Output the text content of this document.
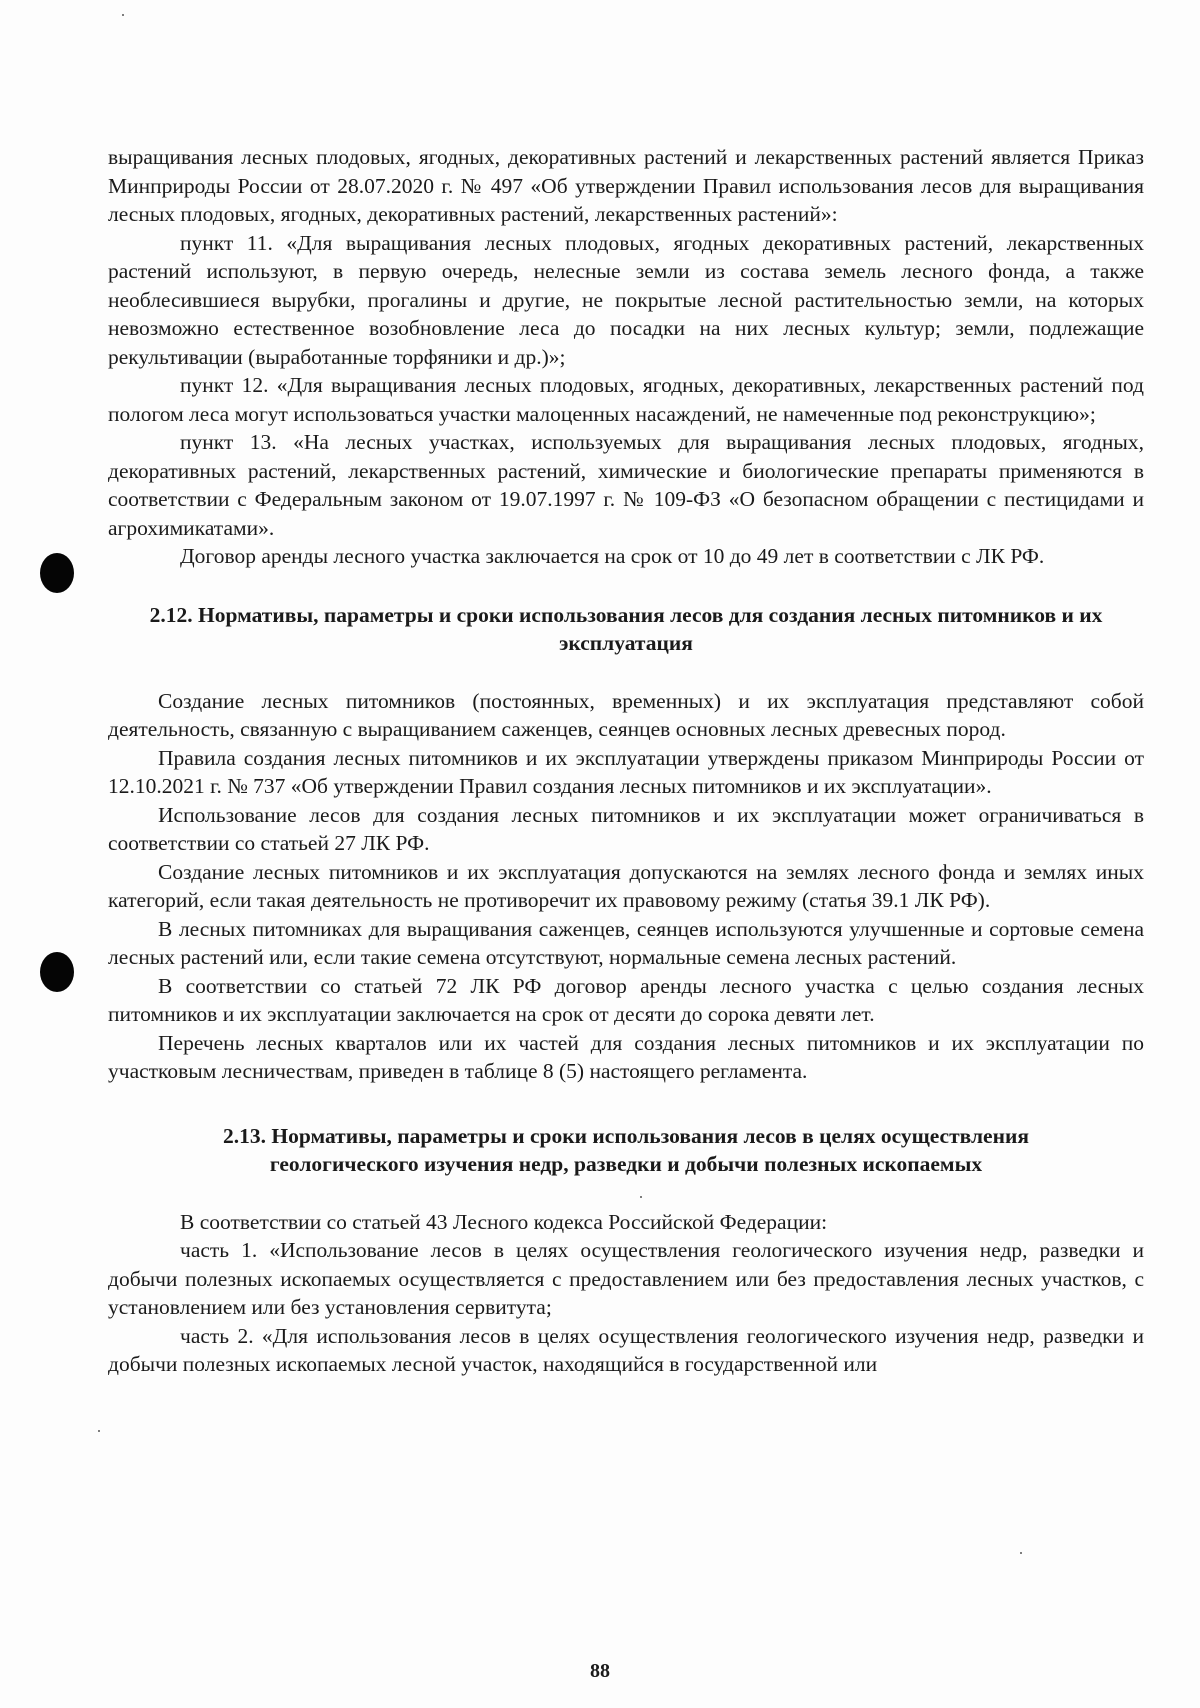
выращивания лесных плодовых, ягодных, декоративных растений и лекарственных растений является Приказ Минприроды России от 28.07.2020 г. № 497 «Об утверждении Правил использования лесов для выращивания лесных плодовых, ягодных, декоративных растений, лекарственных растений»:

пункт 11. «Для выращивания лесных плодовых, ягодных декоративных растений, лекарственных растений используют, в первую очередь, нелесные земли из состава земель лесного фонда, а также необлесившиеся вырубки, прогалины и другие, не покрытые лесной растительностью земли, на которых невозможно естественное возобновление леса до посадки на них лесных культур; земли, подлежащие рекультивации (выработанные торфяники и др.)»;

пункт 12. «Для выращивания лесных плодовых, ягодных, декоративных, лекарственных растений под пологом леса могут использоваться участки малоценных насаждений, не намеченные под реконструкцию»;

пункт 13. «На лесных участках, используемых для выращивания лесных плодовых, ягодных, декоративных растений, лекарственных растений, химические и биологические препараты применяются в соответствии с Федеральным законом от 19.07.1997 г. № 109-ФЗ «О безопасном обращении с пестицидами и агрохимикатами».

Договор аренды лесного участка заключается на срок от 10 до 49 лет в соответствии с ЛК РФ.

2.12. Нормативы, параметры и сроки использования лесов для создания лесных питомников и их эксплуатация

Создание лесных питомников (постоянных, временных) и их эксплуатация представляют собой деятельность, связанную с выращиванием саженцев, сеянцев основных лесных древесных пород.

Правила создания лесных питомников и их эксплуатации утверждены приказом Минприроды России от 12.10.2021 г. № 737 «Об утверждении Правил создания лесных питомников и их эксплуатации».

Использование лесов для создания лесных питомников и их эксплуатации может ограничиваться в соответствии со статьей 27 ЛК РФ.

Создание лесных питомников и их эксплуатация допускаются на землях лесного фонда и землях иных категорий, если такая деятельность не противоречит их правовому режиму (статья 39.1 ЛК РФ).

В лесных питомниках для выращивания саженцев, сеянцев используются улучшенные и сортовые семена лесных растений или, если такие семена отсутствуют, нормальные семена лесных растений.

В соответствии со статьей 72 ЛК РФ договор аренды лесного участка с целью создания лесных питомников и их эксплуатации заключается на срок от десяти до сорока девяти лет.

Перечень лесных кварталов или их частей для создания лесных питомников и их эксплуатации по участковым лесничествам, приведен в таблице 8 (5) настоящего регламента.

2.13. Нормативы, параметры и сроки использования лесов в целях осуществления геологического изучения недр, разведки и добычи полезных ископаемых

В соответствии со статьей 43 Лесного кодекса Российской Федерации:

часть 1. «Использование лесов в целях осуществления геологического изучения недр, разведки и добычи полезных ископаемых осуществляется с предоставлением или без предоставления лесных участков, с установлением или без установления сервитута;

часть 2. «Для использования лесов в целях осуществления геологического изучения недр, разведки и добычи полезных ископаемых лесной участок, находящийся в государственной или

88
